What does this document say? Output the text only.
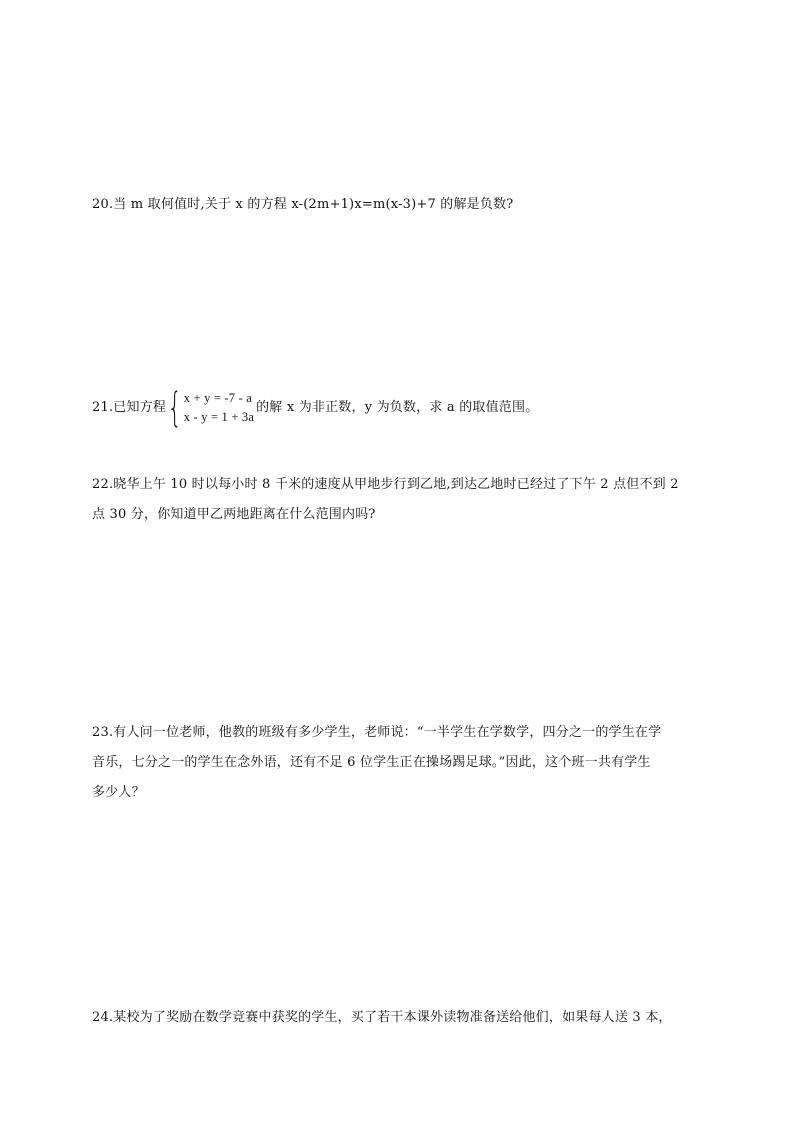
20.当 m 取何值时,关于 x 的方程 x-(2m+1)x=m(x-3)+7 的解是负数?
21.已知方程 { x + y = -7 - a
x - y = 1 + 3a
的解 x 为非正数，y 为负数，求 a 的取值范围。
22.晓华上午 10 时以每小时 8 千米的速度从甲地步行到乙地,到达乙地时已经过了下午 2 点但不到 2
点 30 分，你知道甲乙两地距离在什么范围内吗?
23.有人问一位老师，他教的班级有多少学生，老师说：“一半学生在学数学，四分之一的学生在学
音乐，七分之一的学生在念外语，还有不足 6 位学生正在操场踢足球。”因此，这个班一共有学生
多少人？
24.某校为了奖励在数学竞赛中获奖的学生，买了若干本课外读物准备送给他们，如果每人送 3 本，
